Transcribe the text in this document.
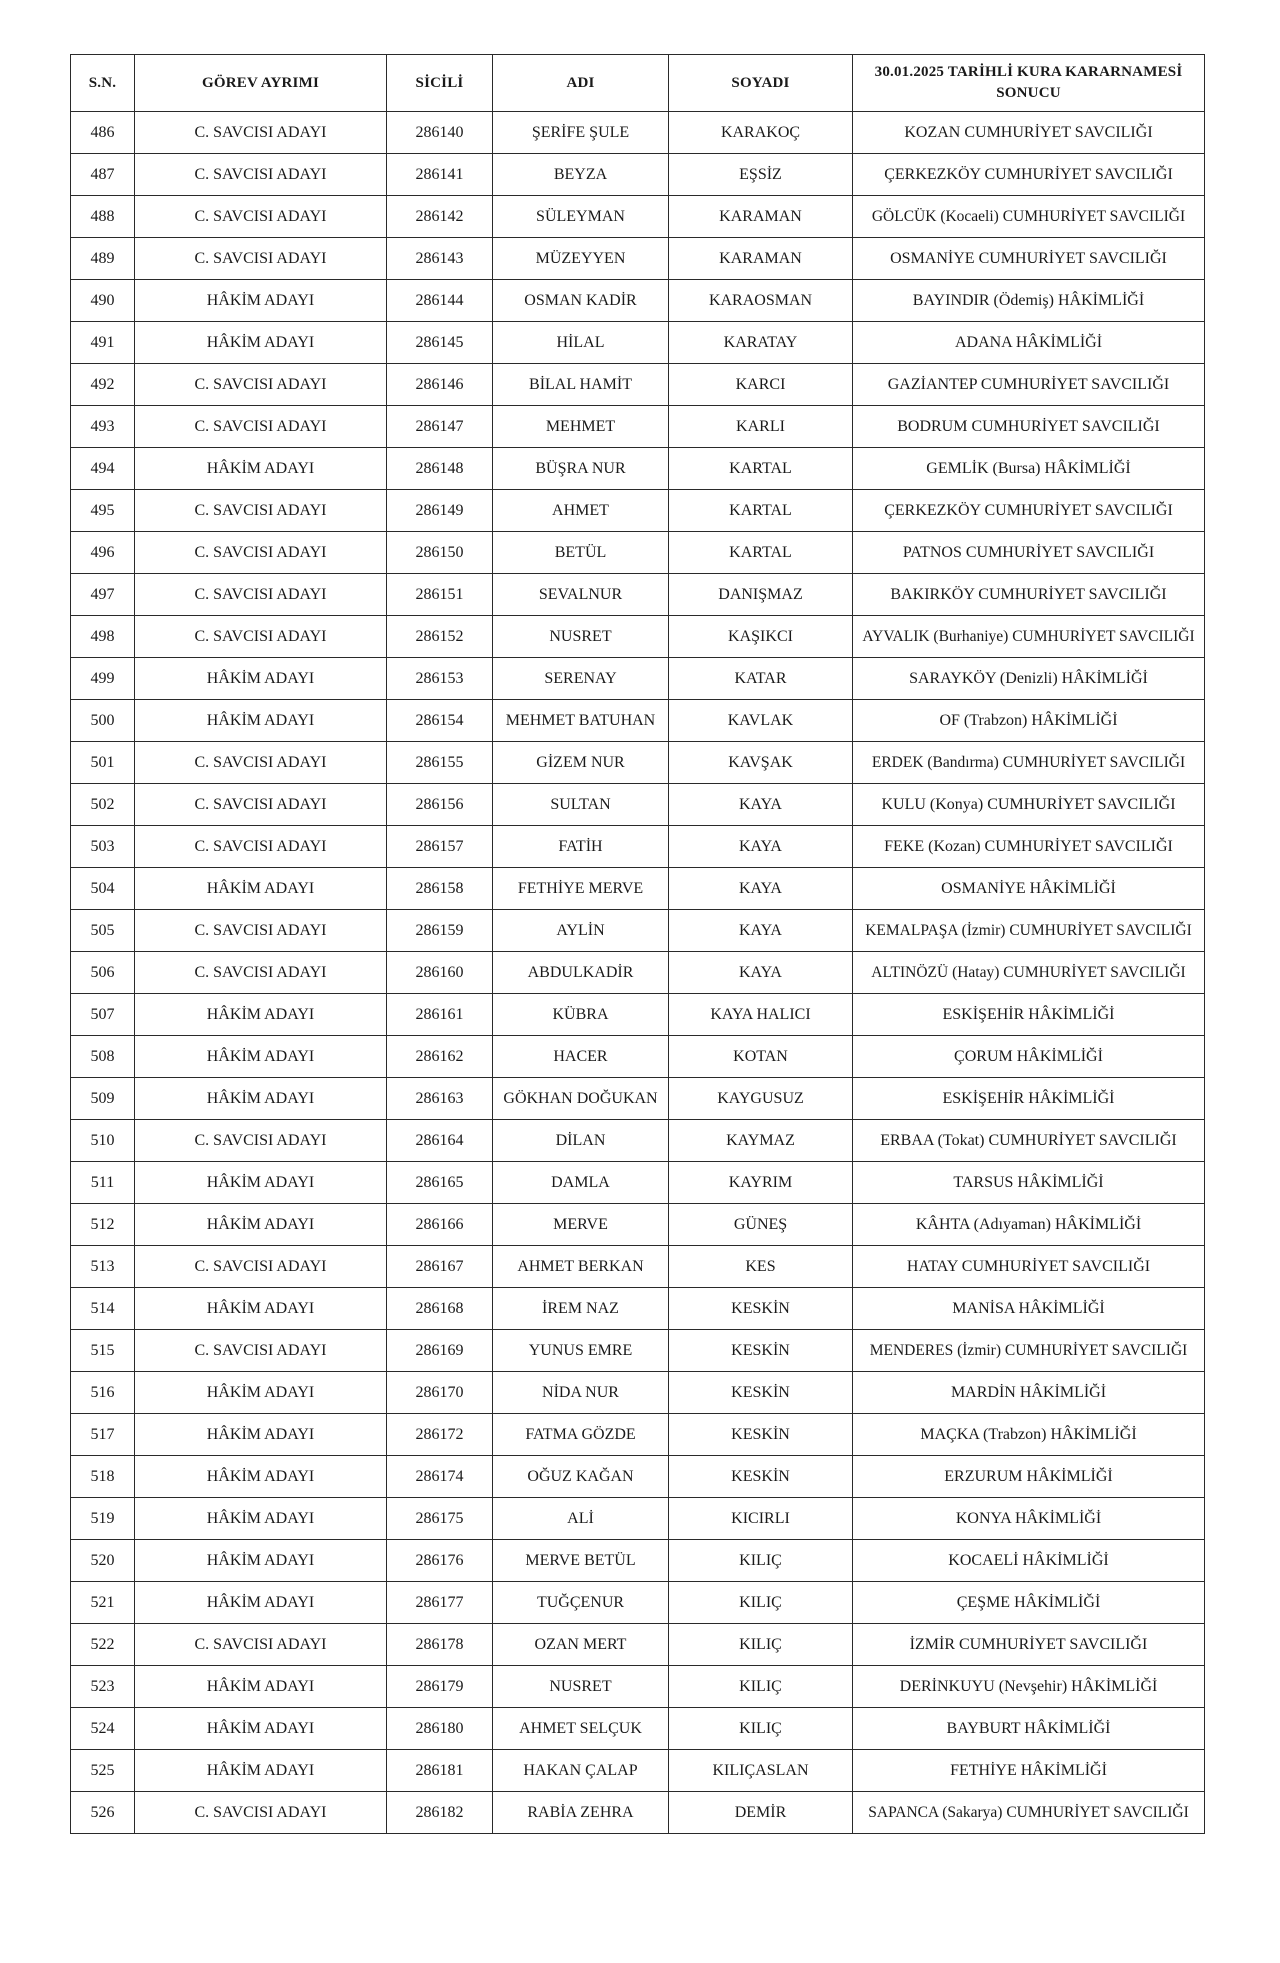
S.N.	GÖREV AYRIMI	SİCİLİ	ADI	SOYADI	30.01.2025 TARİHLİ KURA KARARNAMESİ SONUCU
486	C. SAVCISI ADAYI	286140	ŞERİFE ŞULE	KARAKOÇ	KOZAN CUMHURİYET SAVCILIĞI
487	C. SAVCISI ADAYI	286141	BEYZA	EŞSİZ	ÇERKEZKÖY CUMHURİYET SAVCILIĞI
488	C. SAVCISI ADAYI	286142	SÜLEYMAN	KARAMAN	GÖLCÜK (Kocaeli) CUMHURİYET SAVCILIĞI
489	C. SAVCISI ADAYI	286143	MÜZEYYEN	KARAMAN	OSMANİYE CUMHURİYET SAVCILIĞI
490	HÂKİM ADAYI	286144	OSMAN KADİR	KARAOSMAN	BAYINDIR (Ödemiş) HÂKİMLİĞİ
491	HÂKİM ADAYI	286145	HİLAL	KARATAY	ADANA HÂKİMLİĞİ
492	C. SAVCISI ADAYI	286146	BİLAL HAMİT	KARCI	GAZİANTEP CUMHURİYET SAVCILIĞI
493	C. SAVCISI ADAYI	286147	MEHMET	KARLI	BODRUM CUMHURİYET SAVCILIĞI
494	HÂKİM ADAYI	286148	BÜŞRA NUR	KARTAL	GEMLİK (Bursa) HÂKİMLİĞİ
495	C. SAVCISI ADAYI	286149	AHMET	KARTAL	ÇERKEZKÖY CUMHURİYET SAVCILIĞI
496	C. SAVCISI ADAYI	286150	BETÜL	KARTAL	PATNOS CUMHURİYET SAVCILIĞI
497	C. SAVCISI ADAYI	286151	SEVALNUR	DANIŞMAZ	BAKIRKÖY CUMHURİYET SAVCILIĞI
498	C. SAVCISI ADAYI	286152	NUSRET	KAŞIKCI	AYVALIK (Burhaniye) CUMHURİYET SAVCILIĞI
499	HÂKİM ADAYI	286153	SERENAY	KATAR	SARAYKÖY (Denizli) HÂKİMLİĞİ
500	HÂKİM ADAYI	286154	MEHMET BATUHAN	KAVLAK	OF (Trabzon) HÂKİMLİĞİ
501	C. SAVCISI ADAYI	286155	GİZEM NUR	KAVŞAK	ERDEK (Bandırma) CUMHURİYET SAVCILIĞI
502	C. SAVCISI ADAYI	286156	SULTAN	KAYA	KULU (Konya) CUMHURİYET SAVCILIĞI
503	C. SAVCISI ADAYI	286157	FATİH	KAYA	FEKE (Kozan) CUMHURİYET SAVCILIĞI
504	HÂKİM ADAYI	286158	FETHİYE MERVE	KAYA	OSMANİYE HÂKİMLİĞİ
505	C. SAVCISI ADAYI	286159	AYLİN	KAYA	KEMALPAŞA (İzmir) CUMHURİYET SAVCILIĞI
506	C. SAVCISI ADAYI	286160	ABDULKADİR	KAYA	ALTINÖZÜ (Hatay) CUMHURİYET SAVCILIĞI
507	HÂKİM ADAYI	286161	KÜBRA	KAYA HALICI	ESKİŞEHİR HÂKİMLİĞİ
508	HÂKİM ADAYI	286162	HACER	KOTAN	ÇORUM HÂKİMLİĞİ
509	HÂKİM ADAYI	286163	GÖKHAN DOĞUKAN	KAYGUSUZ	ESKİŞEHİR HÂKİMLİĞİ
510	C. SAVCISI ADAYI	286164	DİLAN	KAYMAZ	ERBAA (Tokat) CUMHURİYET SAVCILIĞI
511	HÂKİM ADAYI	286165	DAMLA	KAYRIM	TARSUS HÂKİMLİĞİ
512	HÂKİM ADAYI	286166	MERVE	GÜNEŞ	KÂHTA (Adıyaman) HÂKİMLİĞİ
513	C. SAVCISI ADAYI	286167	AHMET BERKAN	KES	HATAY CUMHURİYET SAVCILIĞI
514	HÂKİM ADAYI	286168	İREM NAZ	KESKİN	MANİSA HÂKİMLİĞİ
515	C. SAVCISI ADAYI	286169	YUNUS EMRE	KESKİN	MENDERES (İzmir) CUMHURİYET SAVCILIĞI
516	HÂKİM ADAYI	286170	NİDA NUR	KESKİN	MARDİN HÂKİMLİĞİ
517	HÂKİM ADAYI	286172	FATMA GÖZDE	KESKİN	MAÇKA (Trabzon) HÂKİMLİĞİ
518	HÂKİM ADAYI	286174	OĞUZ KAĞAN	KESKİN	ERZURUM HÂKİMLİĞİ
519	HÂKİM ADAYI	286175	ALİ	KICIRLI	KONYA HÂKİMLİĞİ
520	HÂKİM ADAYI	286176	MERVE BETÜL	KILIÇ	KOCAELİ HÂKİMLİĞİ
521	HÂKİM ADAYI	286177	TUĞÇENUR	KILIÇ	ÇEŞME HÂKİMLİĞİ
522	C. SAVCISI ADAYI	286178	OZAN MERT	KILIÇ	İZMİR CUMHURİYET SAVCILIĞI
523	HÂKİM ADAYI	286179	NUSRET	KILIÇ	DERİNKUYU (Nevşehir) HÂKİMLİĞİ
524	HÂKİM ADAYI	286180	AHMET SELÇUK	KILIÇ	BAYBURT HÂKİMLİĞİ
525	HÂKİM ADAYI	286181	HAKAN ÇALAP	KILIÇASLAN	FETHİYE HÂKİMLİĞİ
526	C. SAVCISI ADAYI	286182	RABİA ZEHRA	DEMİR	SAPANCA (Sakarya) CUMHURİYET SAVCILIĞI
